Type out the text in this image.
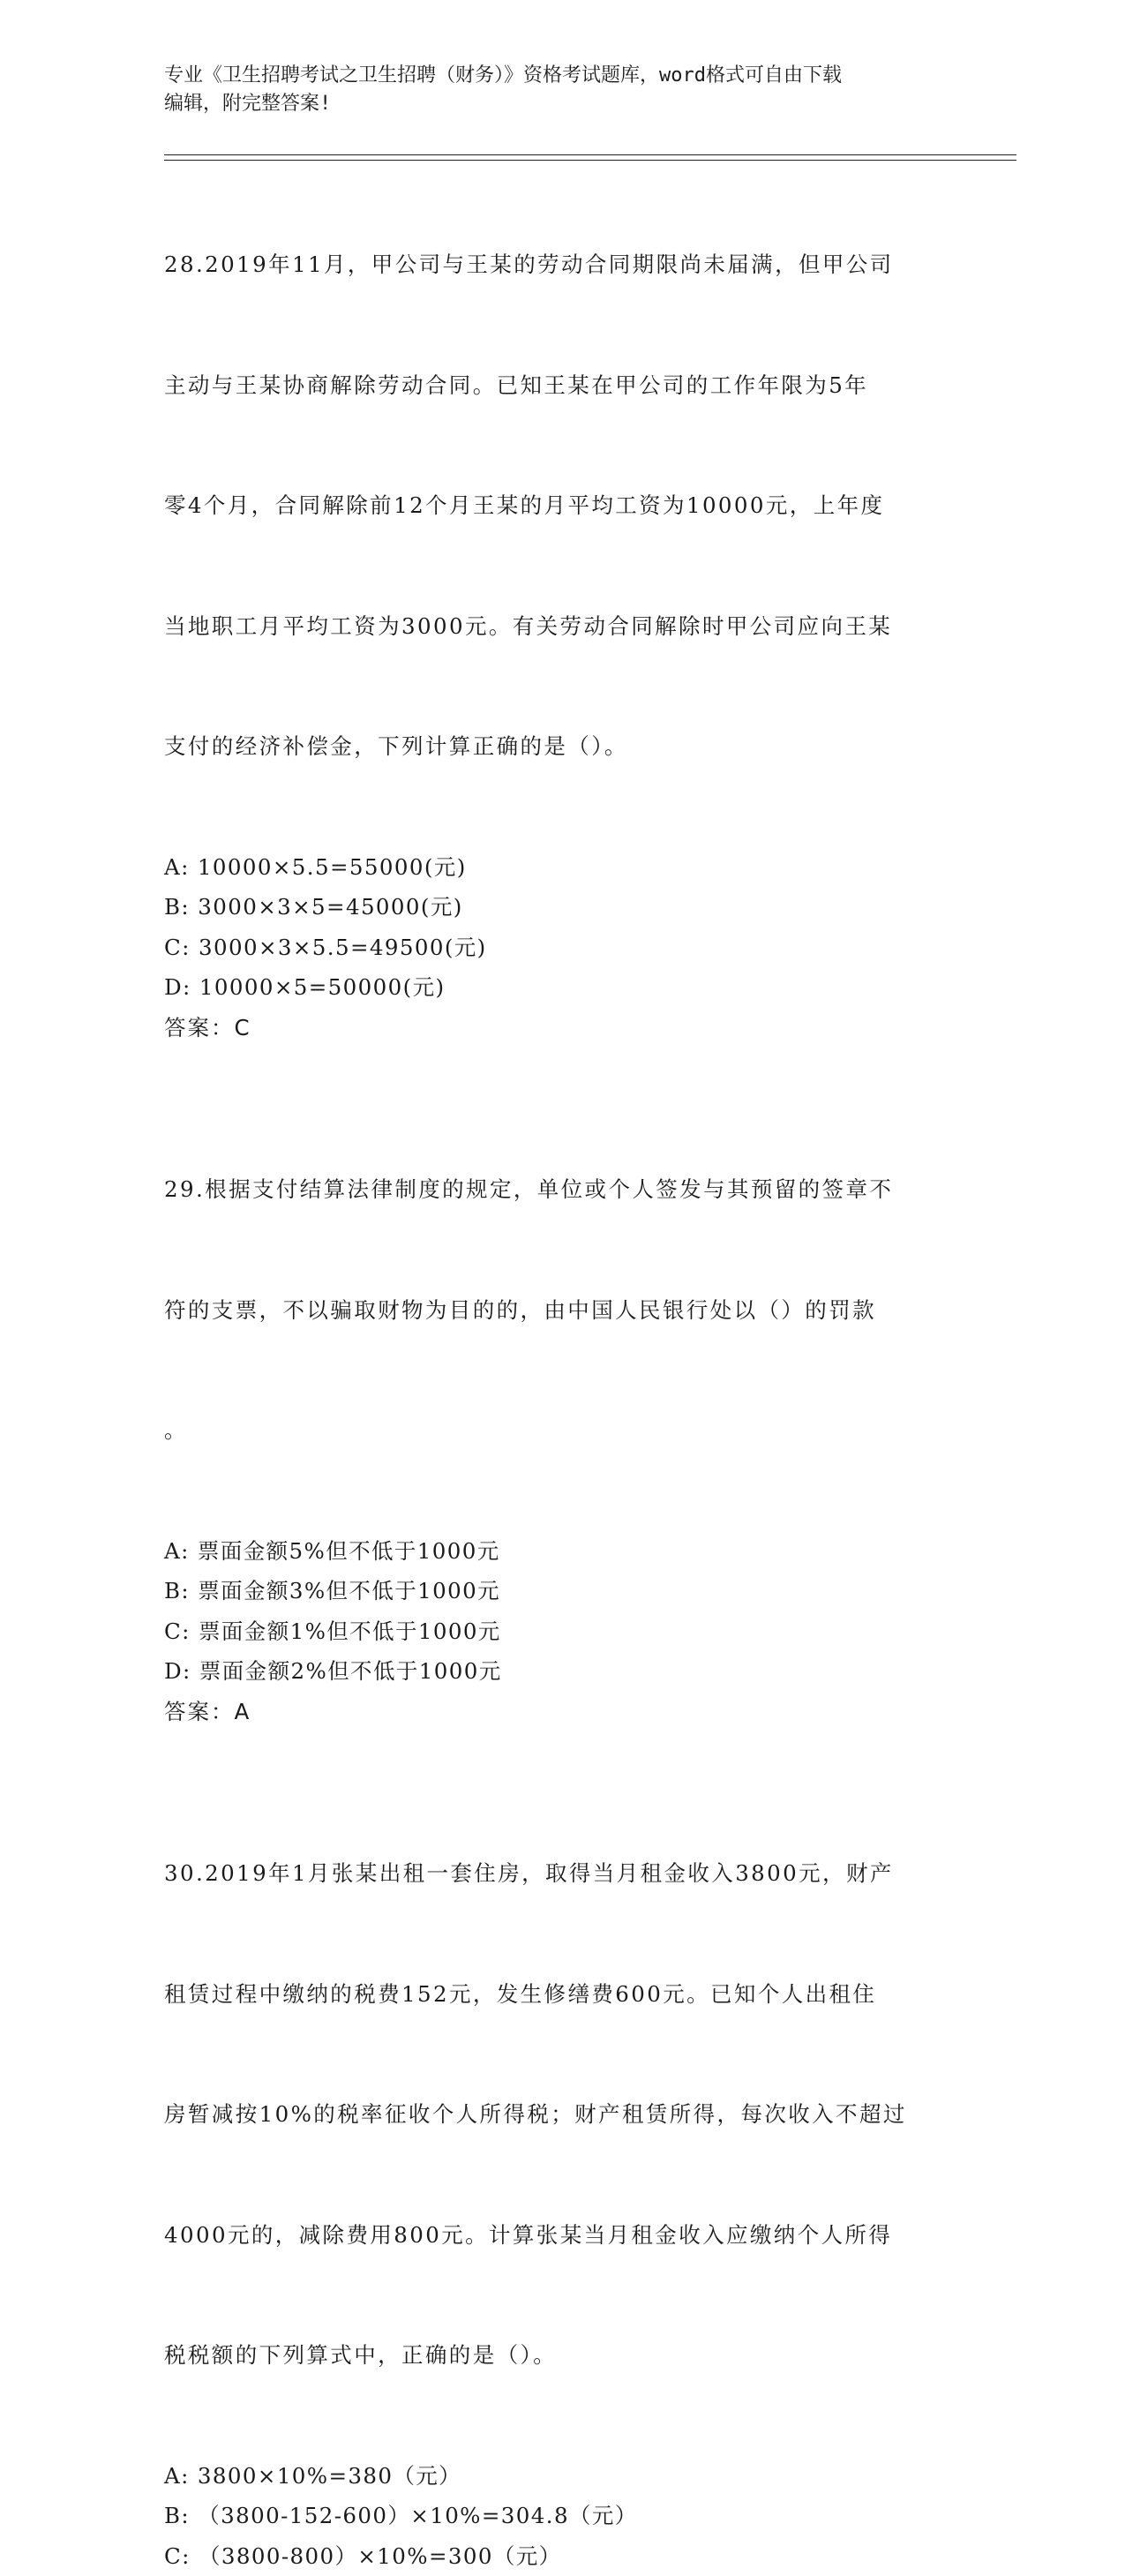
专业《卫生招聘考试之卫生招聘（财务）》资格考试题库，word格式可自由下载
编辑，附完整答案!

28.2019年11月，甲公司与王某的劳动合同期限尚未届满，但甲公司

主动与王某协商解除劳动合同。已知王某在甲公司的工作年限为5年

零4个月，合同解除前12个月王某的月平均工资为10000元，上年度

当地职工月平均工资为3000元。有关劳动合同解除时甲公司应向王某

支付的经济补偿金，下列计算正确的是（）。

A: 10000×5.5=55000(元)
B: 3000×3×5=45000(元)
C: 3000×3×5.5=49500(元)
D: 10000×5=50000(元)
答案：C

29.根据支付结算法律制度的规定，单位或个人签发与其预留的签章不

符的支票，不以骗取财物为目的的，由中国人民银行处以（）的罚款

。

A: 票面金额5%但不低于1000元
B: 票面金额3%但不低于1000元
C: 票面金额1%但不低于1000元
D: 票面金额2%但不低于1000元
答案：A

30.2019年1月张某出租一套住房，取得当月租金收入3800元，财产

租赁过程中缴纳的税费152元，发生修缮费600元。已知个人出租住

房暂减按10%的税率征收个人所得税；财产租赁所得，每次收入不超过

4000元的，减除费用800元。计算张某当月租金收入应缴纳个人所得

税税额的下列算式中，正确的是（）。

A: 3800×10%=380（元）
B: （3800-152-600）×10%=304.8（元）
C: （3800-800）×10%=300（元）
